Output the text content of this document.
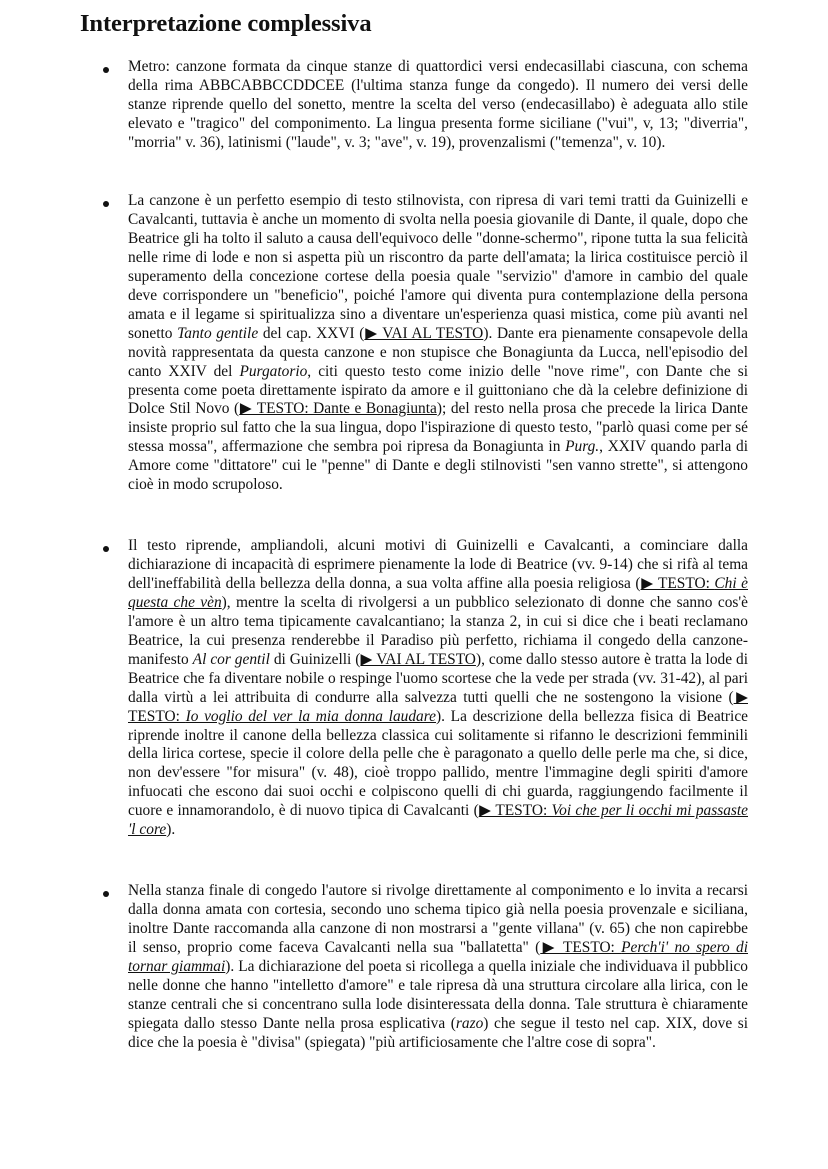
Interpretazione complessiva
Metro: canzone formata da cinque stanze di quattordici versi endecasillabi ciascuna, con schema della rima ABBCABBCCDDCEE (l'ultima stanza funge da congedo). Il numero dei versi delle stanze riprende quello del sonetto, mentre la scelta del verso (endecasillabo) è adeguata allo stile elevato e "tragico" del componimento. La lingua presenta forme siciliane ("vui", v, 13; "diverria", "morria" v. 36), latinismi ("laude", v. 3; "ave", v. 19), provenzalismi ("temenza", v. 10).
La canzone è un perfetto esempio di testo stilnovista, con ripresa di vari temi tratti da Guinizelli e Cavalcanti, tuttavia è anche un momento di svolta nella poesia giovanile di Dante, il quale, dopo che Beatrice gli ha tolto il saluto a causa dell'equivoco delle "donne-schermo", ripone tutta la sua felicità nelle rime di lode e non si aspetta più un riscontro da parte dell'amata; la lirica costituisce perciò il superamento della concezione cortese della poesia quale "servizio" d'amore in cambio del quale deve corrispondere un "beneficio", poiché l'amore qui diventa pura contemplazione della persona amata e il legame si spiritualizza sino a diventare un'esperienza quasi mistica, come più avanti nel sonetto Tanto gentile del cap. XXVI (▶ VAI AL TESTO). Dante era pienamente consapevole della novità rappresentata da questa canzone e non stupisce che Bonagiunta da Lucca, nell'episodio del canto XXIV del Purgatorio, citi questo testo come inizio delle "nove rime", con Dante che si presenta come poeta direttamente ispirato da amore e il guittoniano che dà la celebre definizione di Dolce Stil Novo (▶ TESTO: Dante e Bonagiunta); del resto nella prosa che precede la lirica Dante insiste proprio sul fatto che la sua lingua, dopo l'ispirazione di questo testo, "parlò quasi come per sé stessa mossa", affermazione che sembra poi ripresa da Bonagiunta in Purg., XXIV quando parla di Amore come "dittatore" cui le "penne" di Dante e degli stilnovisti "sen vanno strette", si attengono cioè in modo scrupoloso.
Il testo riprende, ampliandoli, alcuni motivi di Guinizelli e Cavalcanti, a cominciare dalla dichiarazione di incapacità di esprimere pienamente la lode di Beatrice (vv. 9-14) che si rifà al tema dell'ineffabilità della bellezza della donna, a sua volta affine alla poesia religiosa (▶ TESTO: Chi è questa che vèn), mentre la scelta di rivolgersi a un pubblico selezionato di donne che sanno cos'è l'amore è un altro tema tipicamente cavalcantiano; la stanza 2, in cui si dice che i beati reclamano Beatrice, la cui presenza renderebbe il Paradiso più perfetto, richiama il congedo della canzone-manifesto Al cor gentil di Guinizelli (▶ VAI AL TESTO), come dallo stesso autore è tratta la lode di Beatrice che fa diventare nobile o respinge l'uomo scortese che la vede per strada (vv. 31-42), al pari dalla virtù a lei attribuita di condurre alla salvezza tutti quelli che ne sostengono la visione (▶ TESTO: Io voglio del ver la mia donna laudare). La descrizione della bellezza fisica di Beatrice riprende inoltre il canone della bellezza classica cui solitamente si rifanno le descrizioni femminili della lirica cortese, specie il colore della pelle che è paragonato a quello delle perle ma che, si dice, non dev'essere "for misura" (v. 48), cioè troppo pallido, mentre l'immagine degli spiriti d'amore infuocati che escono dai suoi occhi e colpiscono quelli di chi guarda, raggiungendo facilmente il cuore e innamorandolo, è di nuovo tipica di Cavalcanti (▶ TESTO: Voi che per li occhi mi passaste 'l core).
Nella stanza finale di congedo l'autore si rivolge direttamente al componimento e lo invita a recarsi dalla donna amata con cortesia, secondo uno schema tipico già nella poesia provenzale e siciliana, inoltre Dante raccomanda alla canzone di non mostrarsi a "gente villana" (v. 65) che non capirebbe il senso, proprio come faceva Cavalcanti nella sua "ballatetta" (▶ TESTO: Perch'i' no spero di tornar giammai). La dichiarazione del poeta si ricollega a quella iniziale che individuava il pubblico nelle donne che hanno "intelletto d'amore" e tale ripresa dà una struttura circolare alla lirica, con le stanze centrali che si concentrano sulla lode disinteressata della donna. Tale struttura è chiaramente spiegata dallo stesso Dante nella prosa esplicativa (razo) che segue il testo nel cap. XIX, dove si dice che la poesia è "divisa" (spiegata) "più artificiosamente che l'altre cose di sopra".
